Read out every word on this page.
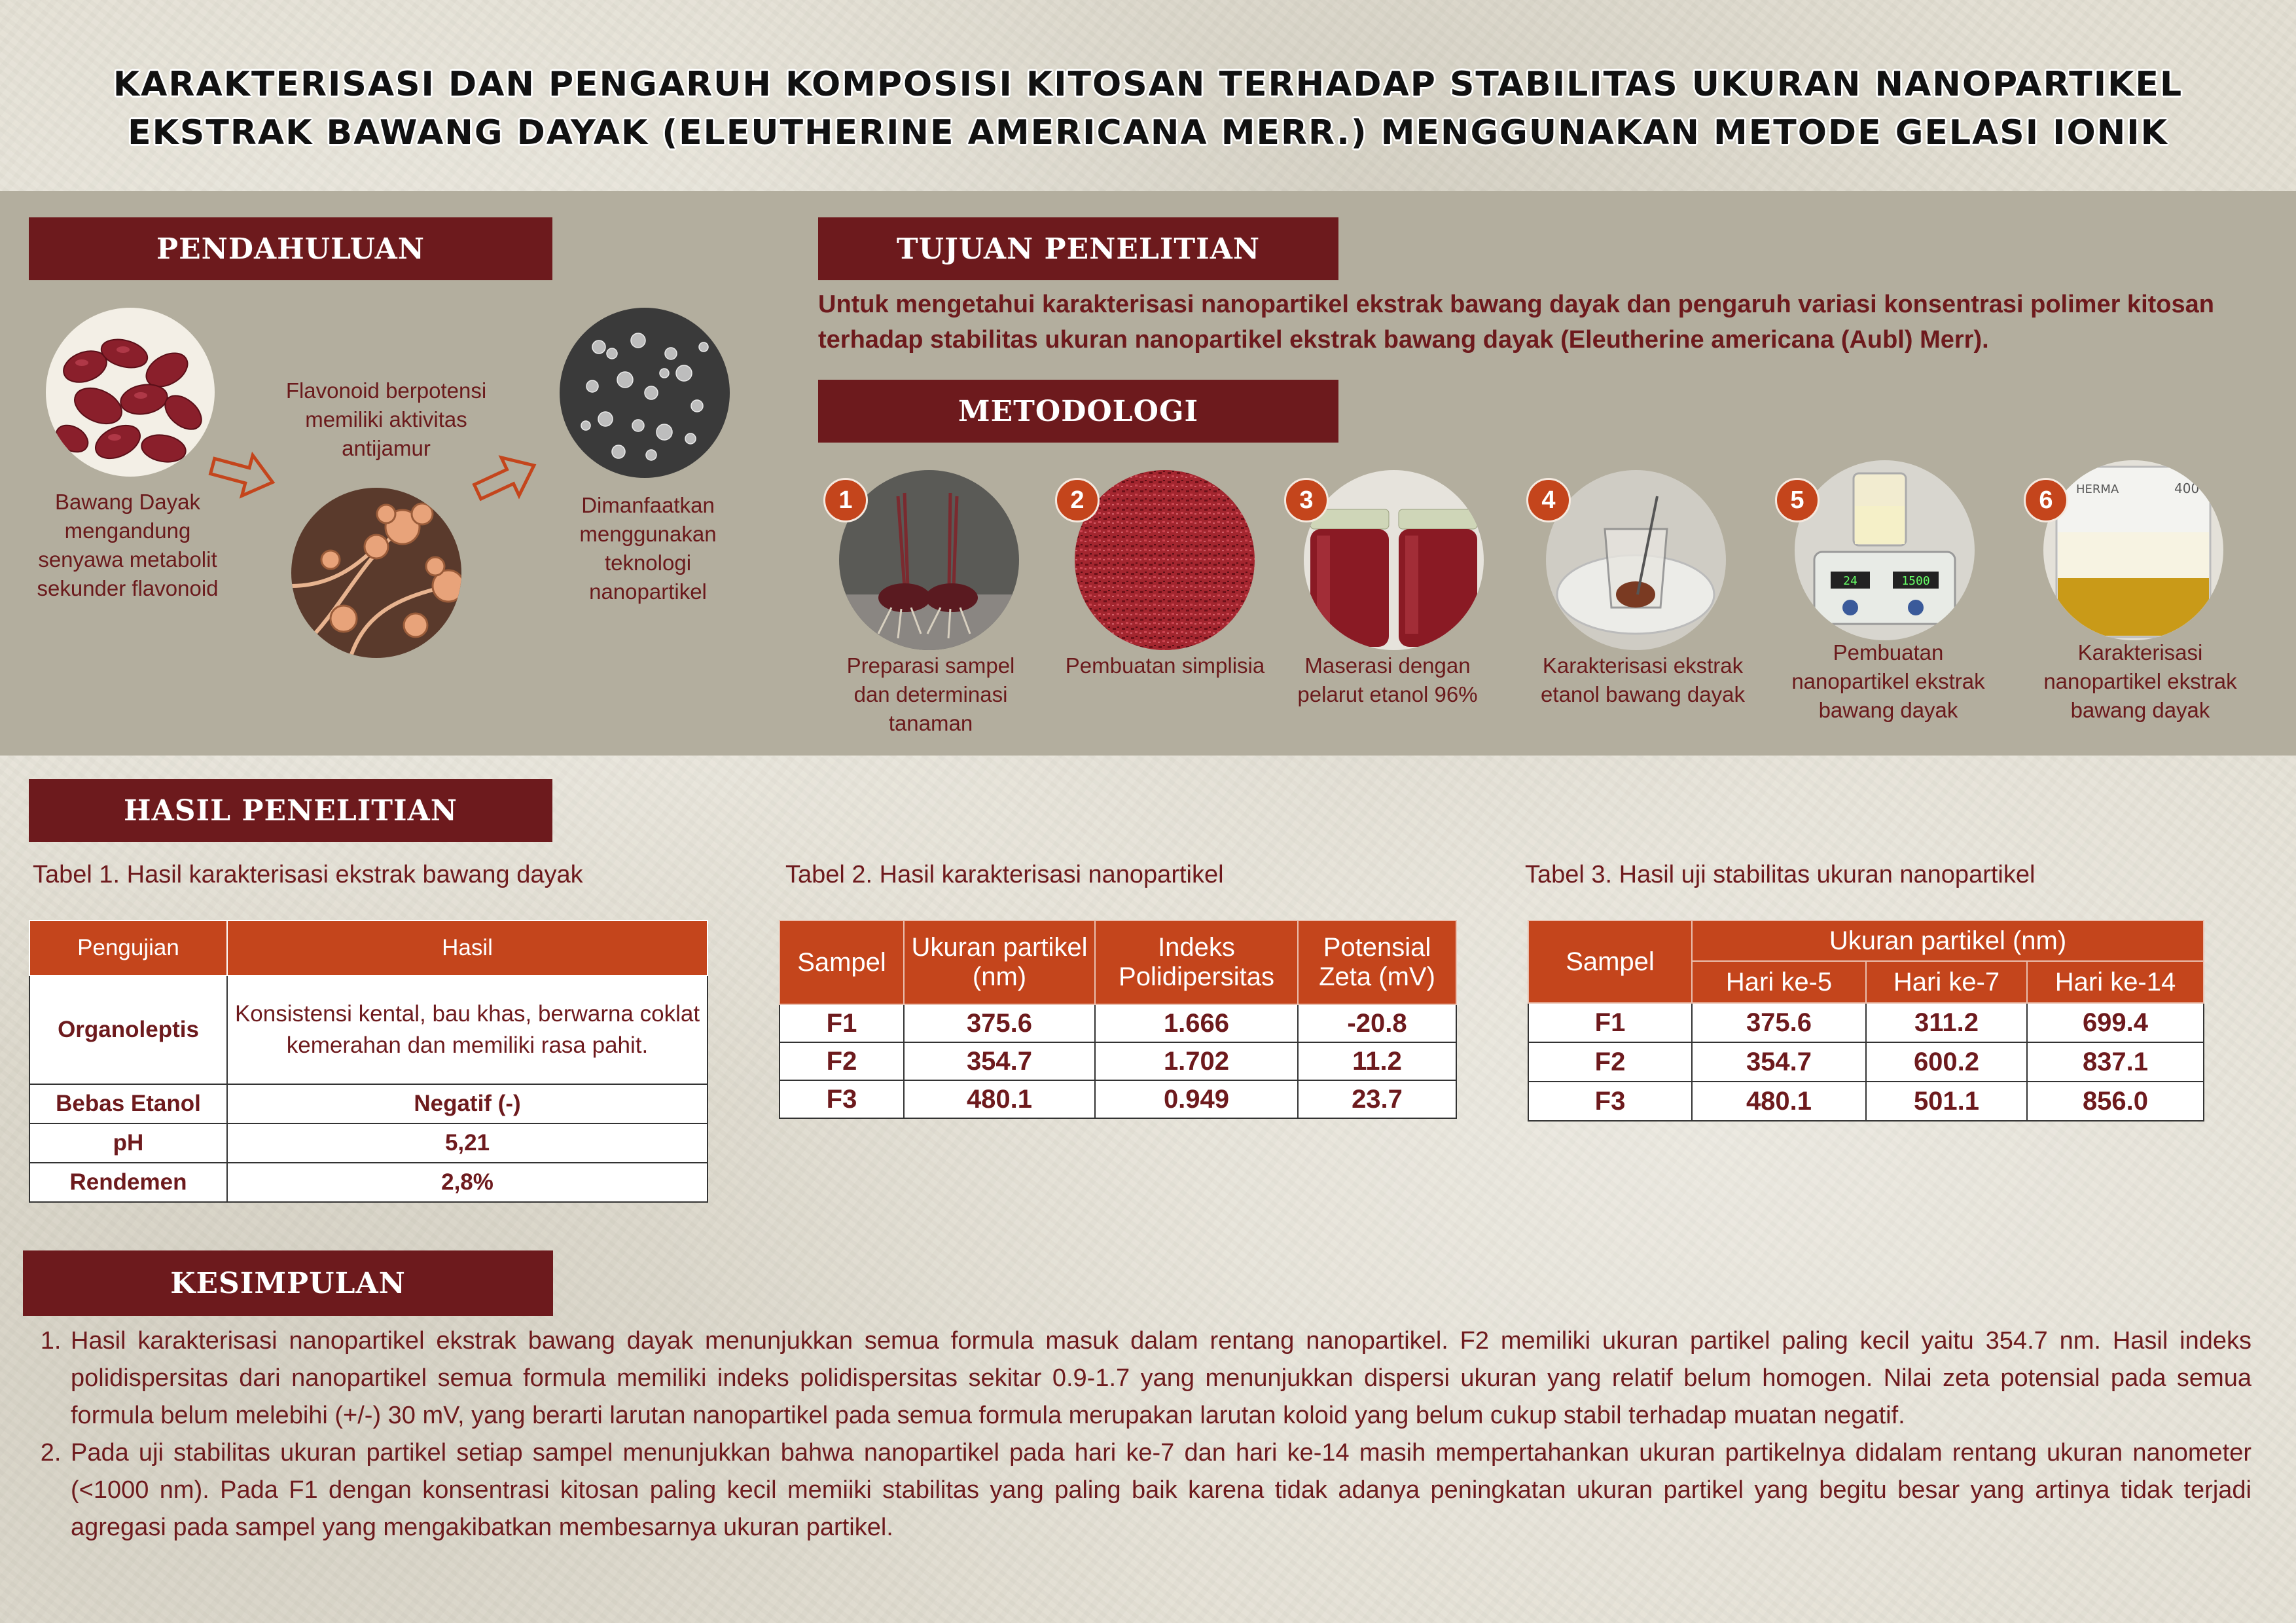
KARAKTERISASI DAN PENGARUH KOMPOSISI KITOSAN TERHADAP STABILITAS UKURAN NANOPARTIKEL
EKSTRAK BAWANG DAYAK (ELEUTHERINE AMERICANA MERR.) MENGGUNAKAN METODE GELASI IONIK
PENDAHULUAN
Bawang Dayak mengandung senyawa metabolit sekunder flavonoid
Flavonoid berpotensi memiliki aktivitas antijamur
Dimanfaatkan menggunakan teknologi nanopartikel
TUJUAN PENELITIAN
Untuk mengetahui karakterisasi nanopartikel ekstrak bawang dayak dan pengaruh variasi konsentrasi polimer kitosan terhadap stabilitas ukuran nanopartikel ekstrak bawang dayak (Eleutherine americana (Aubl) Merr).
METODOLOGI
1
Preparasi sampel dan determinasi tanaman
2
Pembuatan simplisia
3
Maserasi dengan pelarut etanol 96%
4
Karakterisasi ekstrak etanol bawang dayak
24	1500
5
Pembuatan nanopartikel ekstrak bawang dayak
400
HERMA
6
Karakterisasi nanopartikel ekstrak bawang dayak
HASIL PENELITIAN
Tabel 1. Hasil karakterisasi ekstrak bawang dayak	Tabel 2. Hasil karakterisasi nanopartikel	Tabel 3. Hasil uji stabilitas ukuran nanopartikel
Pengujian	Hasil
Organoleptis	Konsistensi kental, bau khas, berwarna coklat kemerahan dan memiliki rasa pahit.
Bebas Etanol	Negatif (-)
pH	5,21
Rendemen	2,8%
Sampel	Ukuran partikel (nm)	Indeks Polidipersitas	Potensial Zeta (mV)
F1	375.6	1.666	-20.8
F2	354.7	1.702	11.2
F3	480.1	0.949	23.7
Sampel	Ukuran partikel (nm)		
	Hari ke-5	Hari ke-7	Hari ke-14
F1	375.6	311.2	699.4
F2	354.7	600.2	837.1
F3	480.1	501.1	856.0
KESIMPULAN
1. Hasil karakterisasi nanopartikel ekstrak bawang dayak menunjukkan semua formula masuk dalam rentang nanopartikel. F2 memiliki ukuran partikel paling kecil yaitu 354.7 nm. Hasil indeks polidispersitas dari nanopartikel semua formula memiliki indeks polidispersitas sekitar 0.9-1.7 yang menunjukkan dispersi ukuran yang relatif belum homogen. Nilai zeta potensial pada semua formula belum melebihi (+/-) 30 mV, yang berarti larutan nanopartikel pada semua formula merupakan larutan koloid yang belum cukup stabil terhadap muatan negatif.
2. Pada uji stabilitas ukuran partikel setiap sampel menunjukkan bahwa nanopartikel pada hari ke-7 dan hari ke-14 masih mempertahankan ukuran partikelnya didalam rentang ukuran nanometer (<1000 nm). Pada F1 dengan konsentrasi kitosan paling kecil memiiki stabilitas yang paling baik karena tidak adanya peningkatan ukuran partikel yang begitu besar yang artinya tidak terjadi agregasi pada sampel yang mengakibatkan membesarnya ukuran partikel.
